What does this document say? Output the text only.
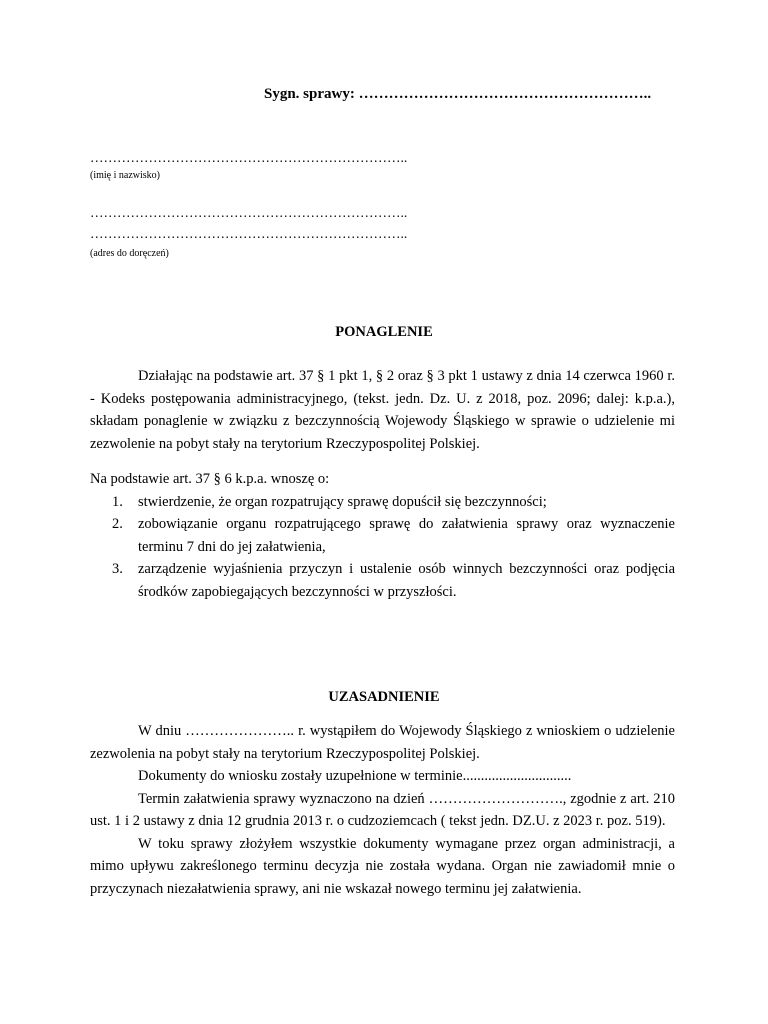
Sygn. sprawy: …………………………………………………..
……………………………………………………………..
(imię i nazwisko)
……………………………………………………………..
……………………………………………………………..
(adres do doręczeń)
PONAGLENIE

Działając na podstawie art. 37 § 1 pkt 1, § 2 oraz § 3 pkt 1 ustawy z dnia 14 czerwca 1960 r. - Kodeks postępowania administracyjnego, (tekst. jedn. Dz. U. z 2018, poz. 2096; dalej: k.p.a.), składam ponaglenie w związku z bezczynnością Wojewody Śląskiego w sprawie o udzielenie mi zezwolenie na pobyt stały na terytorium Rzeczypospolitej Polskiej.

Na podstawie art. 37 § 6 k.p.a. wnoszę o:

1. stwierdzenie, że organ rozpatrujący sprawę dopuścił się bezczynności;
2. zobowiązanie organu rozpatrującego sprawę do załatwienia sprawy oraz wyznaczenie terminu 7 dni do jej załatwienia,
3. zarządzenie wyjaśnienia przyczyn i ustalenie osób winnych bezczynności oraz podjęcia środków zapobiegających bezczynności w przyszłości.
UZASADNIENIE

W dniu ………………….. r. wystąpiłem do Wojewody Śląskiego z wnioskiem o udzielenie zezwolenia na pobyt stały na terytorium Rzeczypospolitej Polskiej.

Dokumenty do wniosku zostały uzupełnione w terminie..............................

Termin załatwienia sprawy wyznaczono na dzień ………………………., zgodnie z art. 210 ust. 1 i 2 ustawy z dnia 12 grudnia 2013 r. o cudzoziemcach ( tekst jedn. DZ.U. z 2023 r. poz. 519).

W toku sprawy złożyłem wszystkie dokumenty wymagane przez organ administracji, a mimo upływu zakreślonego terminu decyzja nie została wydana. Organ nie zawiadomił mnie o przyczynach niezałatwienia sprawy, ani nie wskazał nowego terminu jej załatwienia.
